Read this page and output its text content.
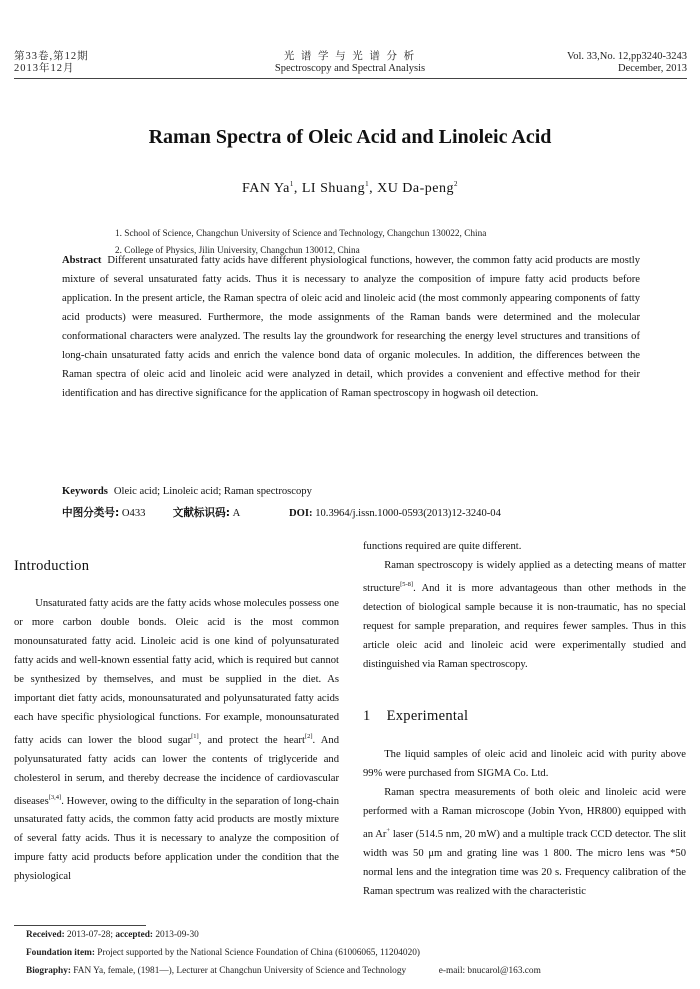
第33卷,第12期
2013年12月
光 谱 学 与 光 谱 分 析
Spectroscopy and Spectral Analysis
Vol. 33,No. 12,pp3240-3243
December, 2013
Raman Spectra of Oleic Acid and Linoleic Acid
FAN Ya$^1$, LI Shuang$^1$, XU Da-peng$^2$
1. School of Science, Changchun University of Science and Technology, Changchun 130022, China
2. College of Physics, Jilin University, Changchun 130012, China
Abstract Different unsaturated fatty acids have different physiological functions, however, the common fatty acid products are mostly mixture of several unsaturated fatty acids. Thus it is necessary to analyze the composition of impure fatty acid products before application. In the present article, the Raman spectra of oleic acid and linoleic acid (the most commonly appearing components of fatty acid products) were measured. Furthermore, the mode assignments of the Raman bands were determined and the molecular conformational characters were analyzed. The results lay the groundwork for researching the energy level structures and transitions of long-chain unsaturated fatty acids and enrich the valence bond data of organic molecules. In addition, the differences between the Raman spectra of oleic acid and linoleic acid were analyzed in detail, which provides a convenient and effective method for their identification and has directive significance for the application of Raman spectroscopy in hogwash oil detection.
Keywords Oleic acid; Linoleic acid; Raman spectroscopy
中图分类号: O433	文献标识码: A	DOI: 10.3964/j.issn.1000-0593(2013)12-3240-04
Introduction

Unsaturated fatty acids are the fatty acids whose molecules possess one or more carbon double bonds. Oleic acid is the most common monounsaturated fatty acid. Linoleic acid is one kind of polyunsaturated fatty acids and well-known essential fatty acid, which is required but cannot be synthesized by themselves, and must be supplied in the diet. As important diet fatty acids, monounsaturated and polyunsaturated fatty acids each have specific physiological functions. For example, monounsaturated fatty acids can lower the blood sugar[1], and protect the heart[2]. And polyunsaturated fatty acids can lower the contents of triglyceride and cholesterol in serum, and thereby decrease the incidence of cardiovascular diseases[3,4]. However, owing to the difficulty in the separation of long-chain unsaturated fatty acids, the common fatty acid products are mostly mixture of several fatty acids. Thus it is necessary to analyze the composition of impure fatty acid products before application under the condition that the physiological

functions required are quite different.

Raman spectroscopy is widely applied as a detecting means of matter structure[5-8]. And it is more advantageous than other methods in the detection of biological sample because it is non-traumatic, has no special request for sample preparation, and requires fewer samples. Thus in this article oleic acid and linoleic acid were experimentally studied and distinguished via Raman spectroscopy.

1 Experimental

The liquid samples of oleic acid and linoleic acid with purity above 99% were purchased from SIGMA Co. Ltd.

Raman spectra measurements of both oleic and linoleic acid were performed with a Raman microscope (Jobin Yvon, HR800) equipped with an Ar+ laser (514.5 nm, 20 mW) and a multiple track CCD detector. The slit width was 50 μm and grating line was 1 800. The micro lens was *50 normal lens and the integration time was 20 s. Frequency calibration of the Raman spectrum was realized with the characteristic

Received: 2013-07-28; accepted: 2013-09-30
Foundation item: Project supported by the National Science Foundation of China (61006065, 11204020)
Biography: FAN Ya, female, (1981—), Lecturer at Changchun University of Science and Technology	e-mail: bnucarol@163.com
